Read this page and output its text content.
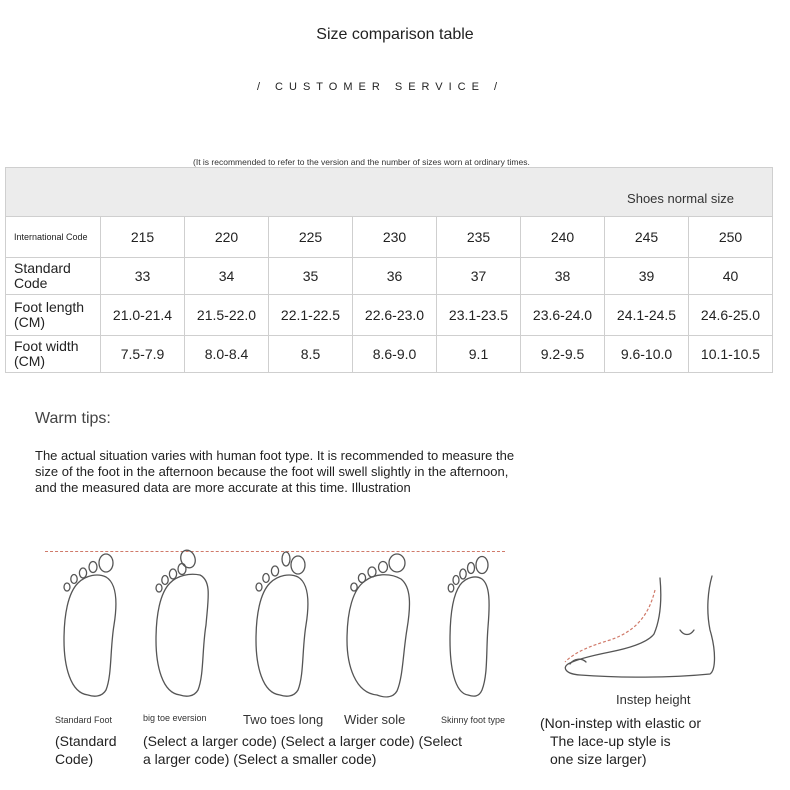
Size comparison table
/ CUSTOMER SERVICE /
(It is recommended to refer to the version and the number of sizes worn at ordinary times.
Shoes normal size								
International Code	215	220	225	230	235	240	245	250
Standard Code	33	34	35	36	37	38	39	40
Foot length (CM)	21.0-21.4	21.5-22.0	22.1-22.5	22.6-23.0	23.1-23.5	23.6-24.0	24.1-24.5	24.6-25.0
Foot width (CM)	7.5-7.9	8.0-8.4	8.5	8.6-9.0	9.1	9.2-9.5	9.6-10.0	10.1-10.5
Warm tips:
The actual situation varies with human foot type. It is recommended to measure the
size of the foot in the afternoon because the foot will swell slightly in the afternoon,
and the measured data are more accurate at this time. Illustration
Standard Foot	big toe eversion	Two toes long Wider sole	Skinny foot type
Instep height
(Standard
Code)
(Select a larger code) (Select a larger code) (Select
a larger code) (Select a smaller code)
(Non-instep with elastic or
The lace-up style is
one size larger)
